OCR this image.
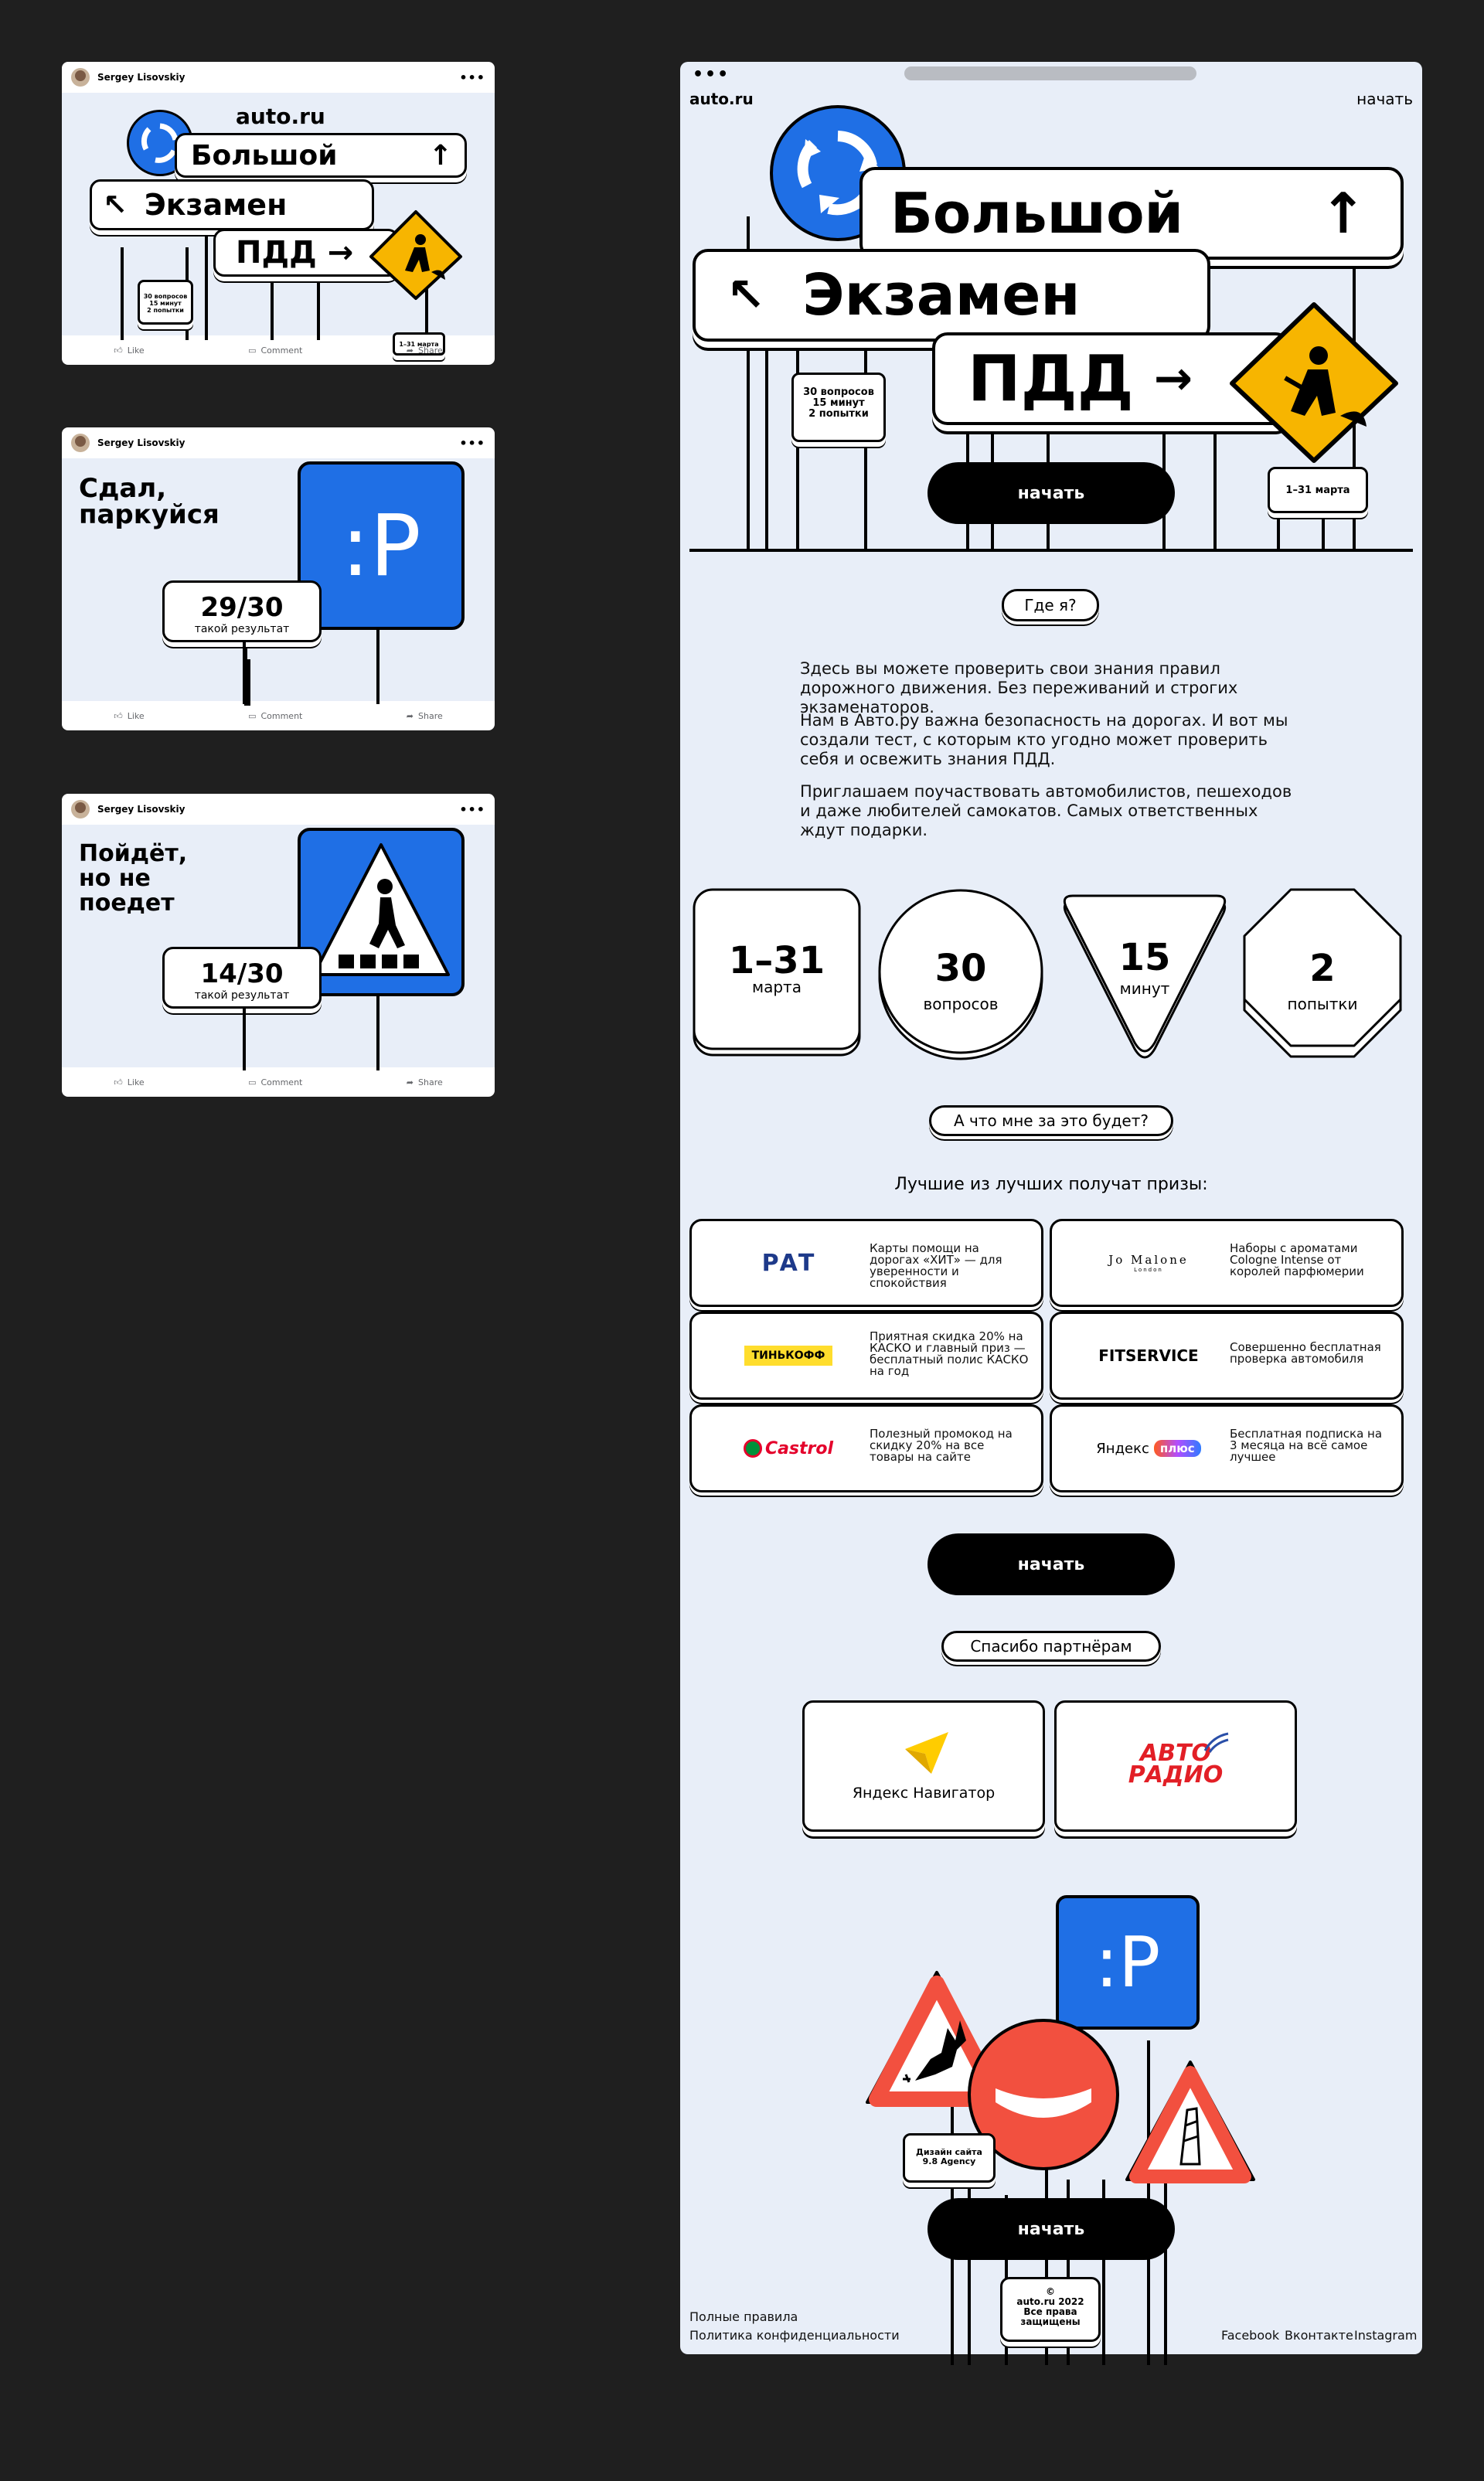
Sergey Lisovskiy	•••
auto.ru
Большой	↑
↖ Экзамен
ПДД →
30 вопросов
15 минут
2 попытки
1–31 марта
👍︎ Like	▭ Comment	➦ Share
Sergey Lisovskiy	•••
Сдал,
паркуйся :P
29/30
такой результат
👍︎ Like	▭ Comment	➦ Share
Sergey Lisovskiy	•••
Пойдёт,
но не
поедет
14/30
такой результат
👍︎ Like	▭ Comment	➦ Share
•••
auto.ru	начать
Большой ↑
↖ Экзамен
ПДД →
30 вопросов
15 минут
2 попытки
1–31 марта
начать
Где я?
Здесь вы можете проверить свои знания правил дорожного движения. Без переживаний и строгих экзаменаторов.
Нам в Авто.ру важна безопасность на дорогах. И вот мы создали тест, с которым кто угодно может проверить себя и освежить знания ПДД.
Приглашаем поучаствовать автомобилистов, пешеходов и даже любителей самокатов. Самых ответственных ждут подарки.
1–31
марта	30
вопросов
15
минут	2
попытки
А что мне за это будет?
Лучшие из лучших получат призы:
РАТ
Карты помощи на дорогах «ХИТ» — для уверенности и спокойствия
Jo Malone
London
Наборы с ароматами Cologne Intense от королей парфюмерии
ТИНЬКОФФ
Приятная скидка 20% на КАСКО и главный приз — бесплатный полис КАСКО на год
FITSERVICE	Совершенно бесплатная проверка автомобиля
Castrol
Полезный промокод на скидку 20% на все товары на сайте
Яндекс плюс
Бесплатная подписка на 3 месяца на всё самое лучшее
начать
Спасибо партнёрам
Яндекс Навигатор
АВТО
РАДИО
:P
Дизайн сайта
9.8 Agency
начать
©
auto.ru 2022
Все права
защищены
Полные правила
Политика конфиденциальности	Facebook Вконтакте Instagram
